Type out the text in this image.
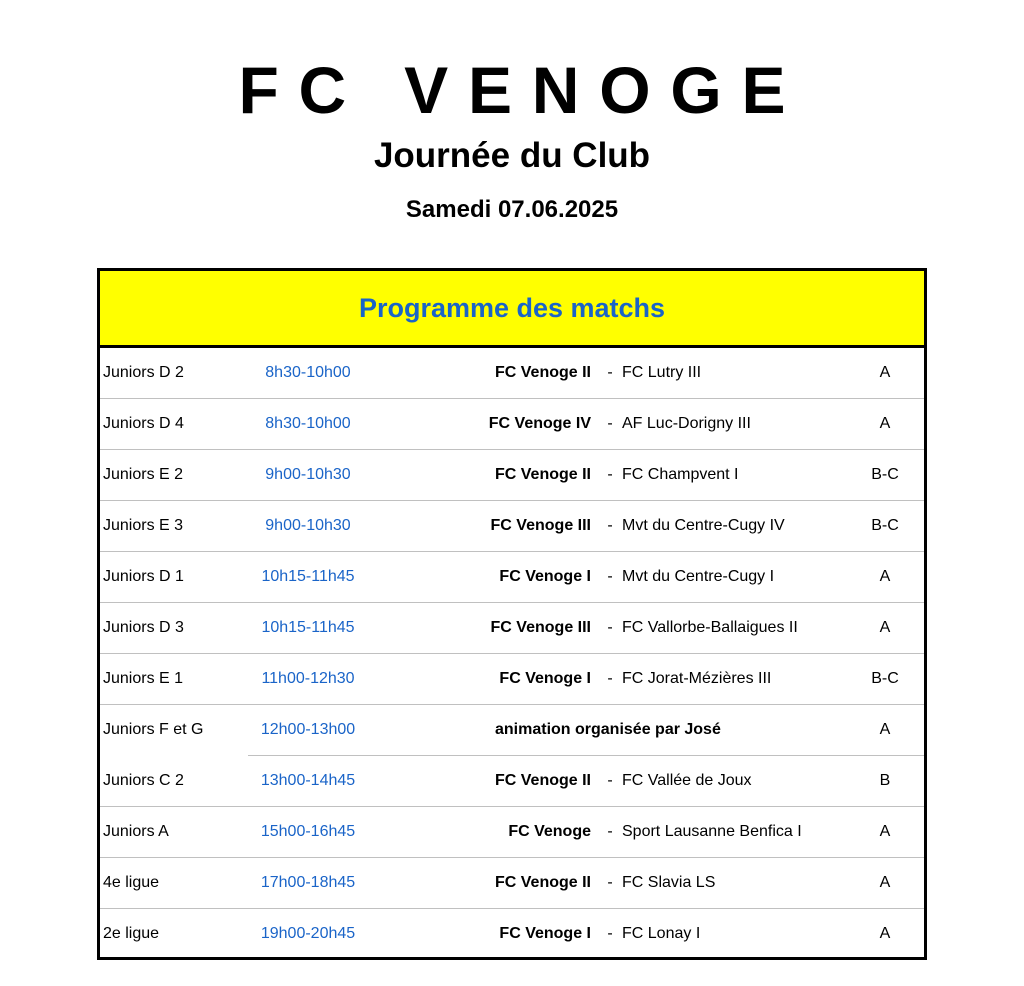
FC VENOGE
Journée du Club
Samedi 07.06.2025
Programme des matchs
Juniors D 2	8h30-10h00	FC Venoge II - FC Lutry III	A
Juniors D 4	8h30-10h00	FC Venoge IV - AF Luc-Dorigny III	A
Juniors E 2	9h00-10h30	FC Venoge II - FC Champvent I	B-C
Juniors E 3	9h00-10h30	FC Venoge III - Mvt du Centre-Cugy IV	B-C
Juniors D 1	10h15-11h45	FC Venoge I - Mvt du Centre-Cugy I	A
Juniors D 3	10h15-11h45	FC Venoge III - FC Vallorbe-Ballaigues II	A
Juniors E 1	11h00-12h30	FC Venoge I - FC Jorat-Mézières III	B-C
Juniors F et G	12h00-13h00	animation organisée par José	A
Juniors C 2	13h00-14h45	FC Venoge II - FC Vallée de Joux	B
Juniors A	15h00-16h45	FC Venoge - Sport Lausanne Benfica I	A
4e ligue	17h00-18h45	FC Venoge II - FC Slavia LS	A
2e ligue	19h00-20h45	FC Venoge I - FC Lonay I	A
